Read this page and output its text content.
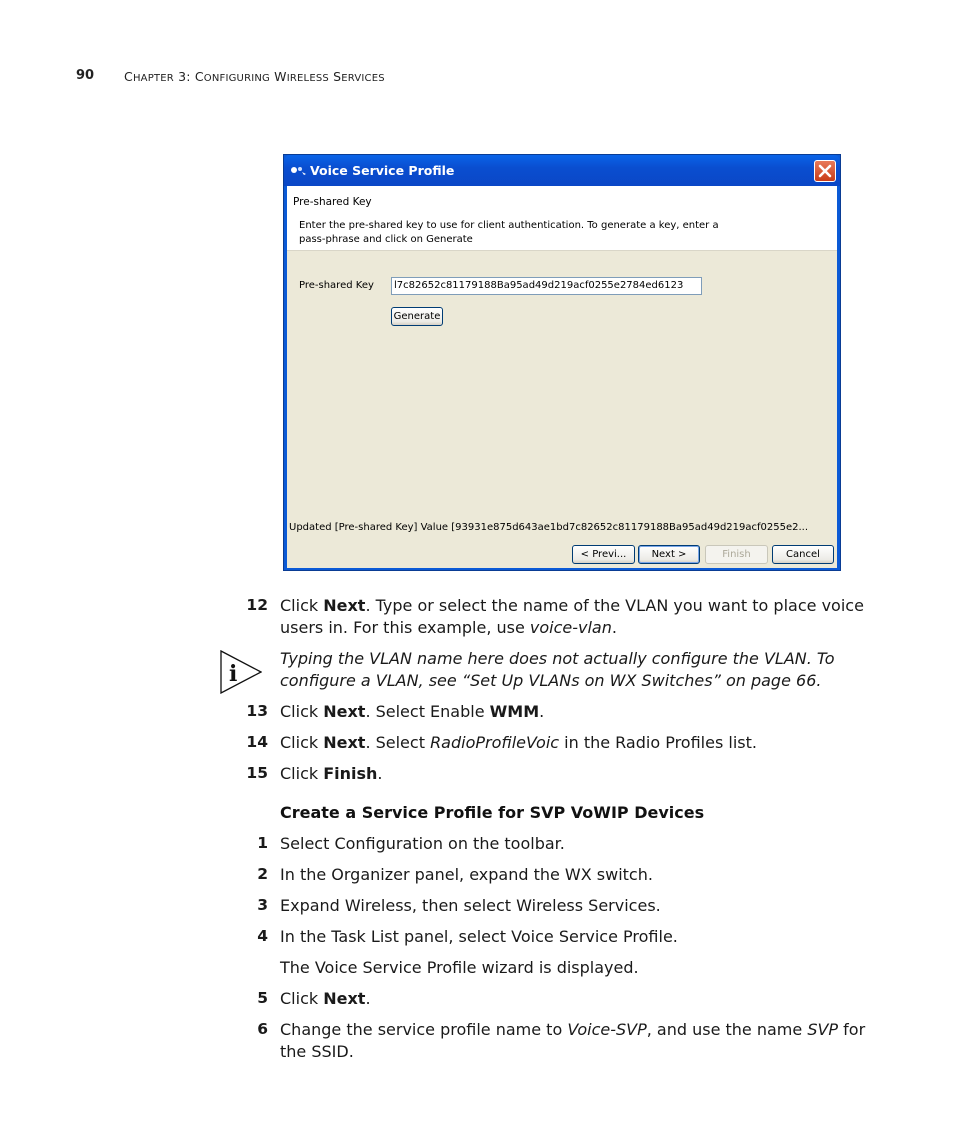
90 CHAPTER 3: CONFIGURING WIRELESS SERVICES
Voice Service Profile
Pre-shared Key
Enter the pre-shared key to use for client authentication. To generate a key, enter a
pass-phrase and click on Generate
Pre-shared Key	l7c82652c81179188Ba95ad49d219acf0255e2784ed6123
Generate
Updated [Pre-shared Key] Value [93931e875d643ae1bd7c82652c81179188Ba95ad49d219acf0255e2...
< Previ...	Next >	Finish	Cancel
12 Click Next. Type or select the name of the VLAN you want to place voice
users in. For this example, use voice-vlan.
i
Typing the VLAN name here does not actually configure the VLAN. To
configure a VLAN, see “Set Up VLANs on WX Switches” on page 66.
13 Click Next. Select Enable WMM.
14 Click Next. Select RadioProfileVoic in the Radio Profiles list.
15 Click Finish.
Create a Service Profile for SVP VoWIP Devices
1 Select Configuration on the toolbar.
2 In the Organizer panel, expand the WX switch.
3 Expand Wireless, then select Wireless Services.
4 In the Task List panel, select Voice Service Profile.
The Voice Service Profile wizard is displayed.
5 Click Next.
6 Change the service profile name to Voice-SVP, and use the name SVP for
the SSID.
